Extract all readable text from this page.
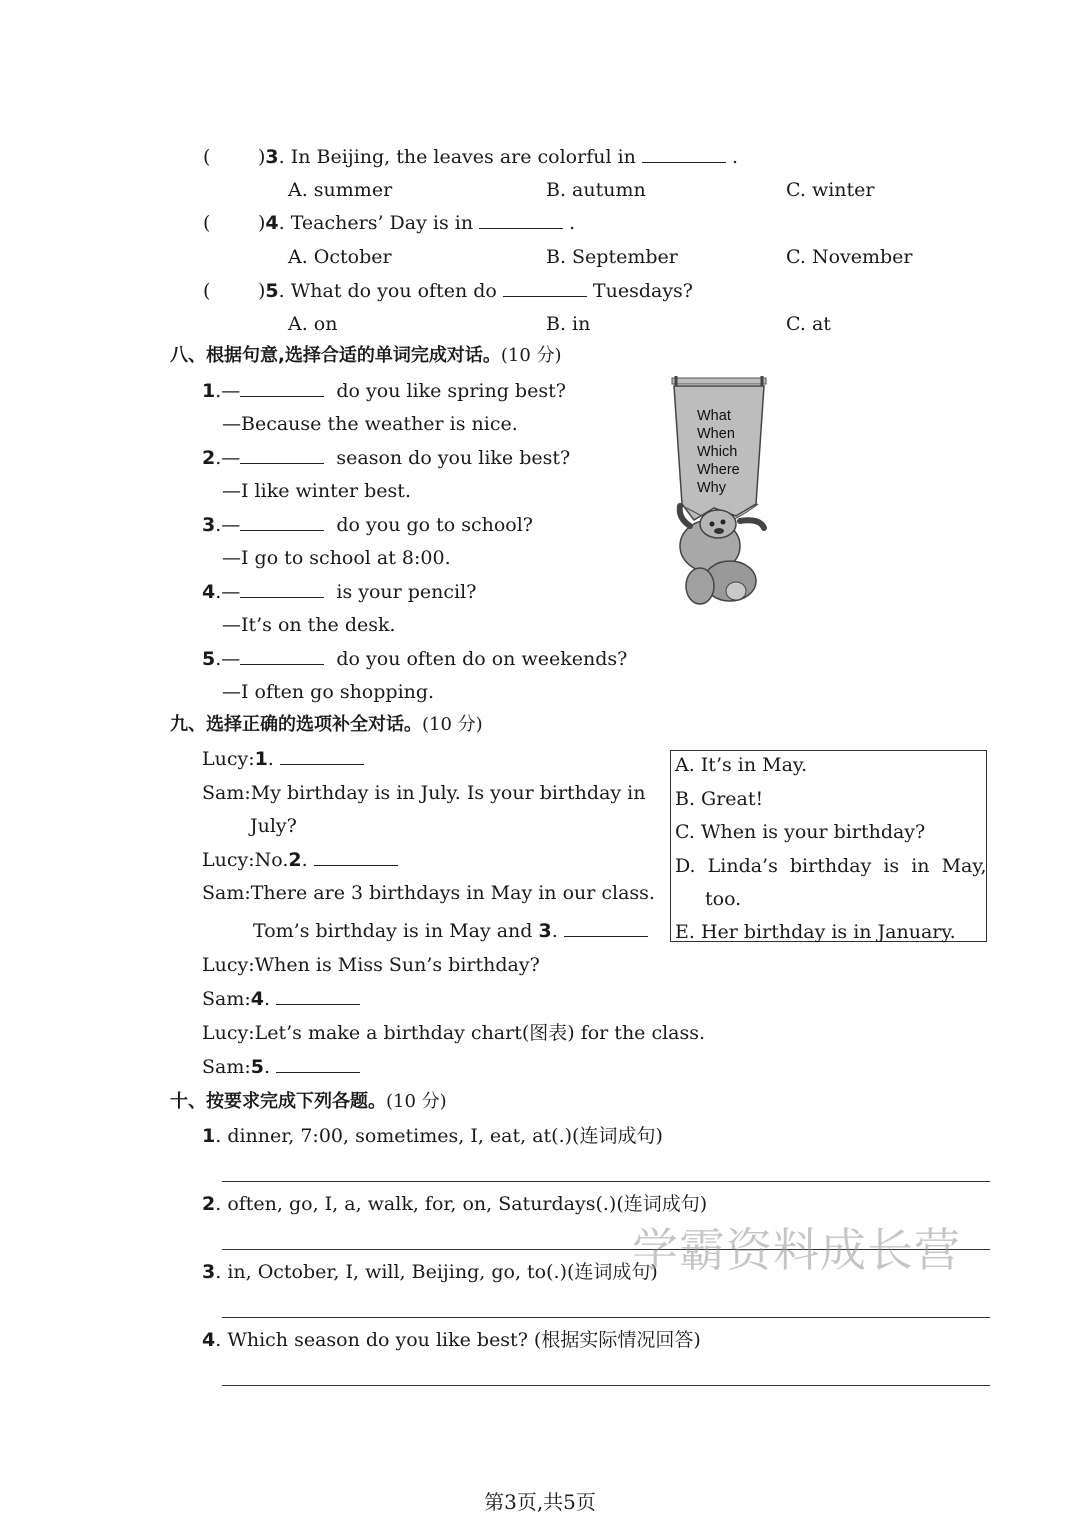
(	)3. In Beijing, the leaves are colorful in	.
A. summer	B. autumn	C. winter
(	)4. Teachers’ Day is in	.
A. October	B. September	C. November
(	)5. What do you often do	Tuesdays?
A. on	B. in	C. at
八、根据句意,选择合适的单词完成对话。(10 分)
1.—	do you like spring best?
—Because the weather is nice.
2.—	season do you like best?
—I like winter best.
3.—	do you go to school?
—I go to school at 8:00.
4.—	is your pencil?
—It’s on the desk.
5.—	do you often do on weekends?
—I often go shopping.
What
When
Which
Where
Why
九、选择正确的选项补全对话。(10 分)
Lucy:1.
Sam:My birthday is in July. Is your birthday in
July?
Lucy:No.2.
Sam:There are 3 birthdays in May in our class.
Tom’s birthday is in May and 3.
Lucy:When is Miss Sun’s birthday?
Sam:4.
Lucy:Let’s make a birthday chart(图表) for the class.
Sam:5.
A. It’s in May.
B. Great!
C. When is your birthday?
D. Linda’s birthday is in May,
too.
E. Her birthday is in January.
十、按要求完成下列各题。(10 分)
1. dinner, 7:00, sometimes, I, eat, at(.)(连词成句)
2. often, go, I, a, walk, for, on, Saturdays(.)(连词成句)
3. in, October, I, will, Beijing, go, to(.)(连词成句)
4. Which season do you like best? (根据实际情况回答)
学霸资料成长营
第3页,共5页
